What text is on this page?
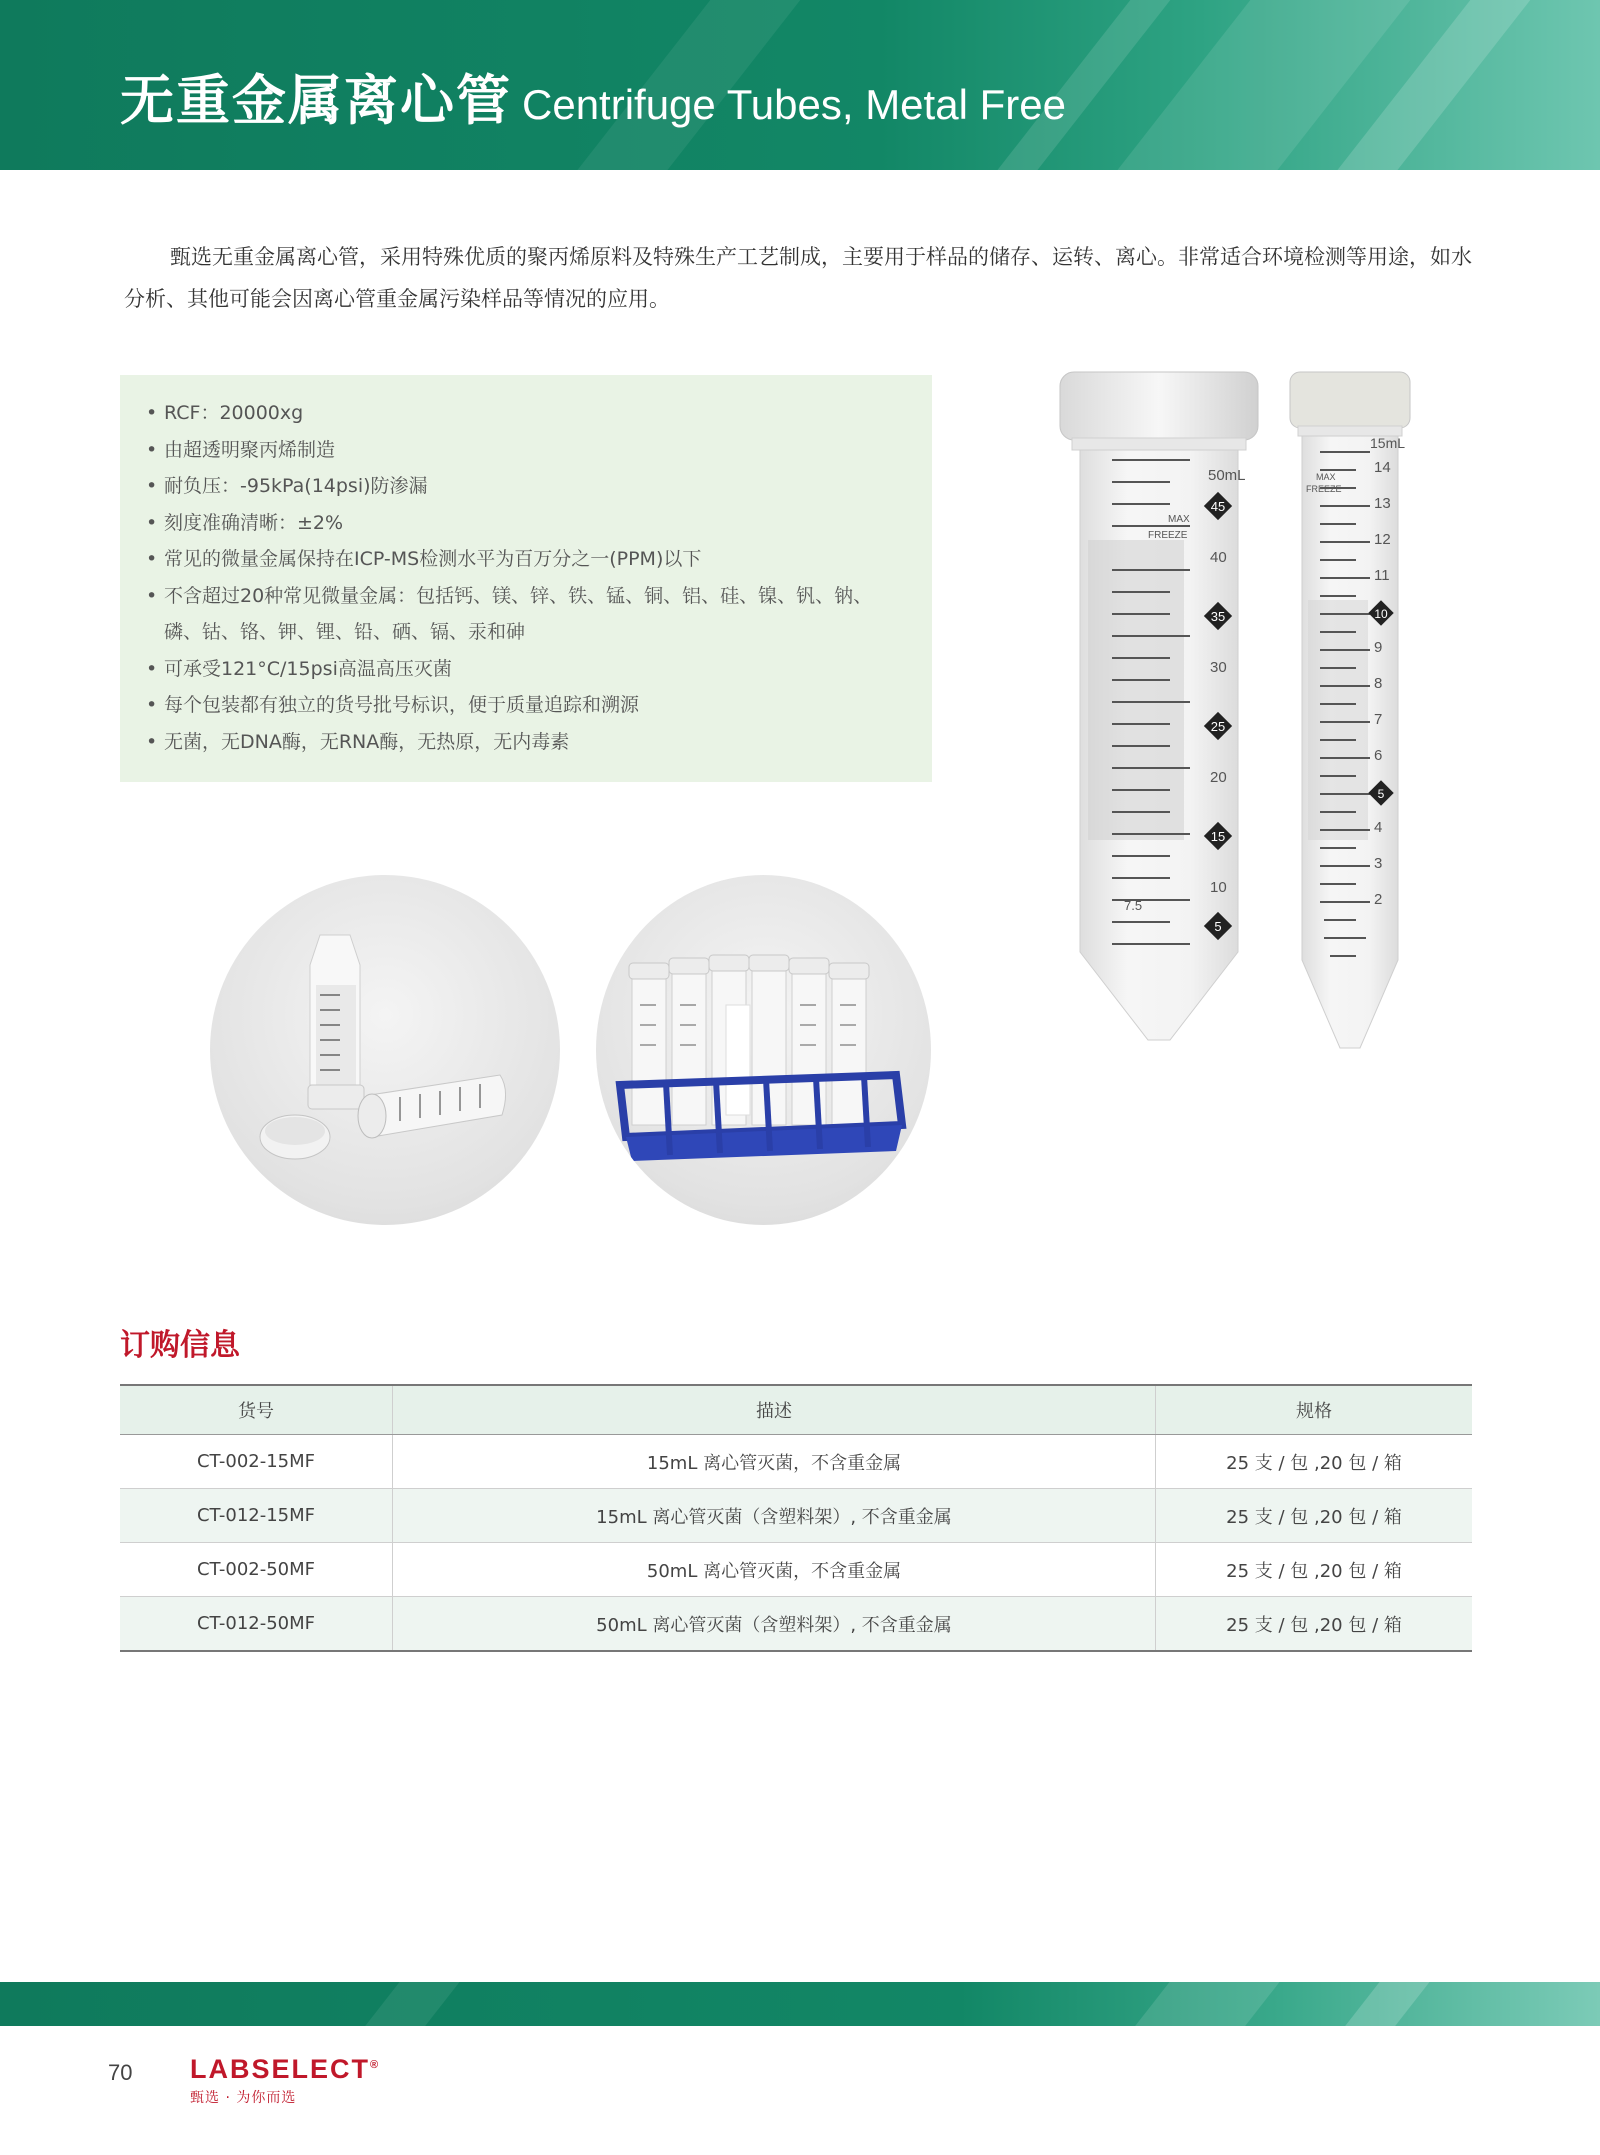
无重金属离心管 Centrifuge Tubes, Metal Free

甄选无重金属离心管，采用特殊优质的聚丙烯原料及特殊生产工艺制成，主要用于样品的储存、运转、离心。非常适合环境检测等用途，如水分析、其他可能会因离心管重金属污染样品等情况的应用。

• RCF：20000xg
• 由超透明聚丙烯制造
• 耐负压：-95kPa(14psi)防渗漏
• 刻度准确清晰：±2%
• 常见的微量金属保持在ICP-MS检测水平为百万分之一(PPM)以下
• 不含超过20种常见微量金属：包括钙、镁、锌、铁、锰、铜、铝、硅、镍、钒、钠、
磷、钴、铬、钾、锂、铅、硒、镉、汞和砷
• 可承受121°C/15psi高温高压灭菌
• 每个包装都有独立的货号批号标识，便于质量追踪和溯源
• 无菌，无DNA酶，无RNA酶，无热原，无内毒素
50mL
MAX
FREEZE
40
30
20
10
7.5
45
35
25
15
5
15mL
MAX
FREEZE
14
13
12
11
9
8
7
6
4
3
2
10
5
订购信息
货号	描述	规格
CT-002-15MF	15mL 离心管灭菌，不含重金属	25 支 / 包 ,20 包 / 箱
CT-012-15MF	15mL 离心管灭菌（含塑料架）, 不含重金属	25 支 / 包 ,20 包 / 箱
CT-002-50MF	50mL 离心管灭菌，不含重金属	25 支 / 包 ,20 包 / 箱
CT-012-50MF	50mL 离心管灭菌（含塑料架）, 不含重金属	25 支 / 包 ,20 包 / 箱
70 LABSELECT®
甄选 · 为你而选
